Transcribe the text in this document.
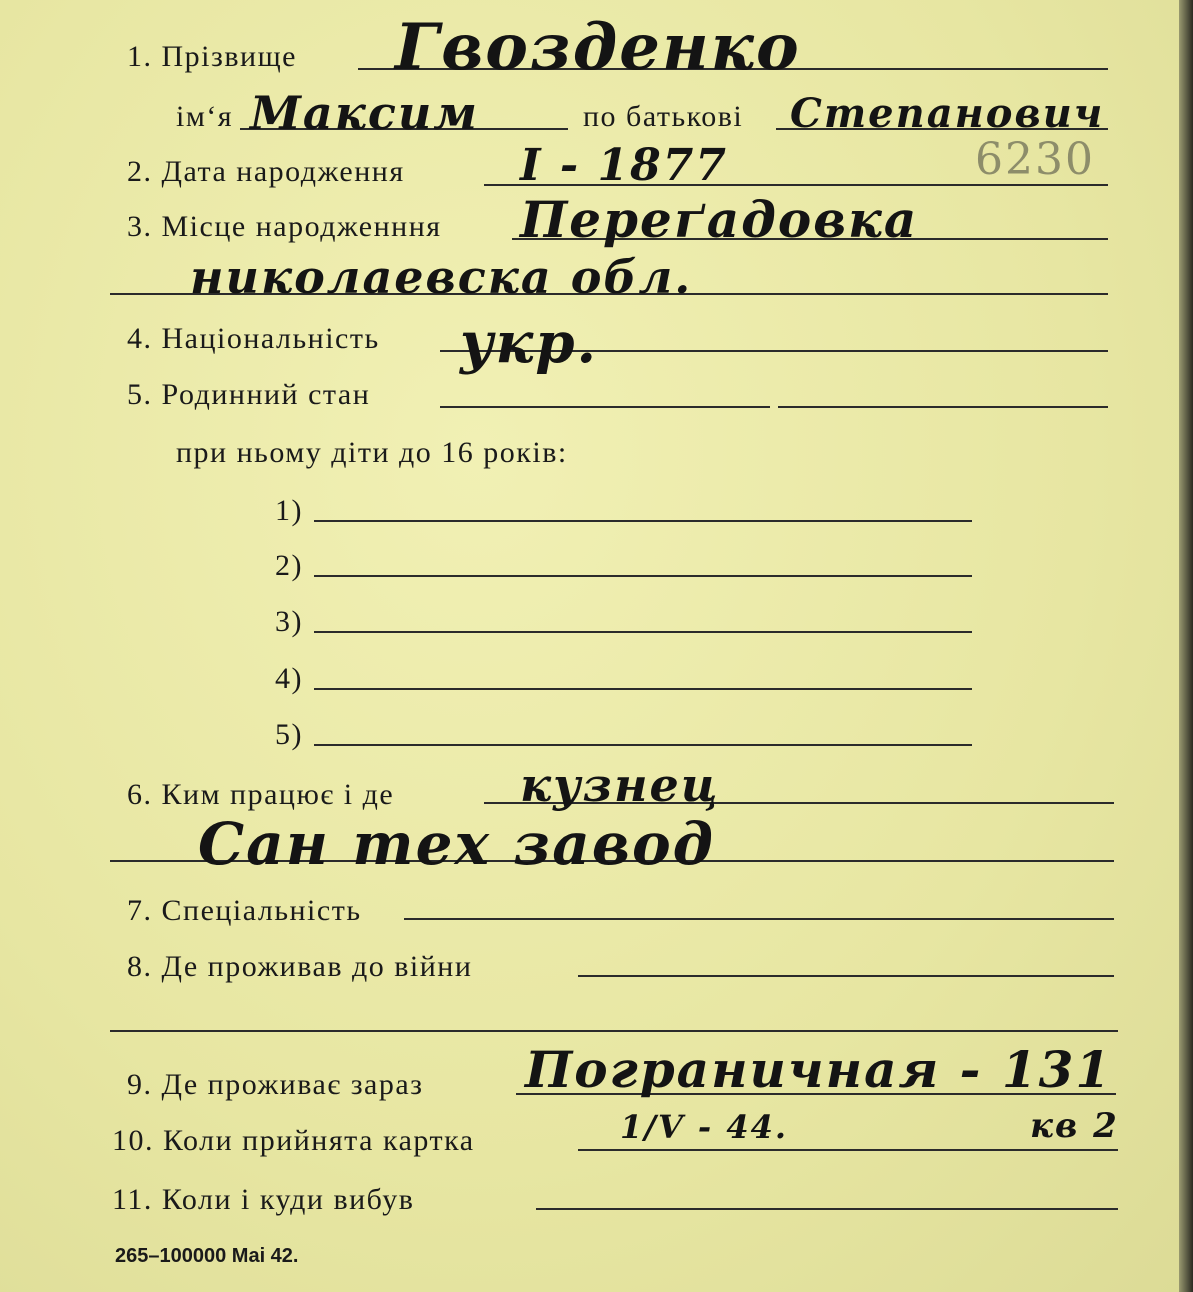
1. Прізвище Гвозденко
ім‘я Максим	по батькові Степанович
2. Дата народження	I - 1877	6230
3. Місце народженння Переґадовка
николаевска обл.
4. Національність укр.
5. Родинний стан
при ньому діти до 16 років:
1)
2)
3)
4)
5)
6. Ким працює і де	кузнец
Сан тех завод
7. Спеціальність
8. Де проживав до війни
9. Де проживає зараз Пограничная - 131
10. Коли прийнята картка	1/V - 44.	кв 2
11. Коли і куди вибув
265–100000 Mai 42.
